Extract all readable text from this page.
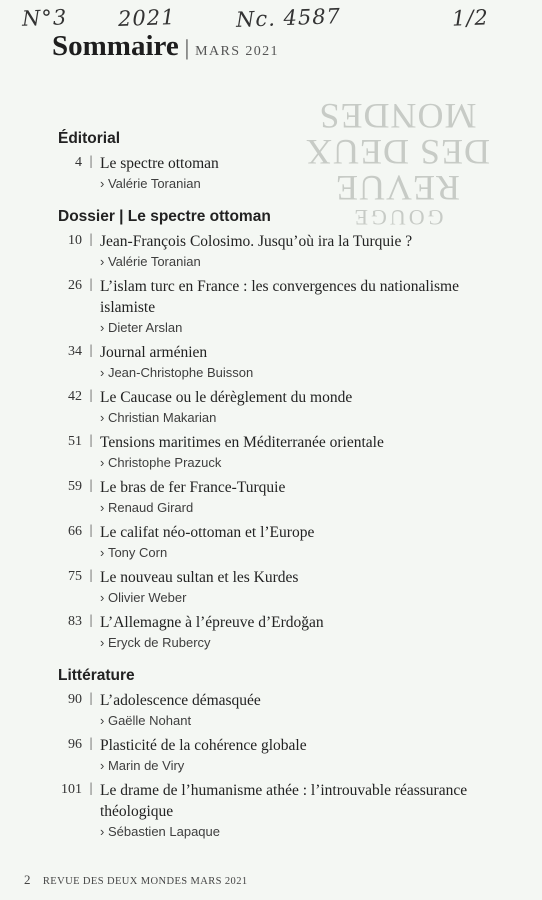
N°3 2021	Nc. 4587	1/2
GOUGE
REVUE
DES DEUX
MONDES
Sommaire | MARS 2021
Éditorial
4 | Le spectre ottoman
› Valérie Toranian
Dossier | Le spectre ottoman
10 | Jean-François Colosimo. Jusqu’où ira la Turquie ?
› Valérie Toranian
26 | L’islam turc en France : les convergences du nationalisme islamiste
› Dieter Arslan
34 | Journal arménien
› Jean-Christophe Buisson
42 | Le Caucase ou le dérèglement du monde
› Christian Makarian
51 | Tensions maritimes en Méditerranée orientale
› Christophe Prazuck
59 | Le bras de fer France-Turquie
› Renaud Girard
66 | Le califat néo-ottoman et l’Europe
› Tony Corn
75 | Le nouveau sultan et les Kurdes
› Olivier Weber
83 | L’Allemagne à l’épreuve d’Erdoğan
› Eryck de Rubercy
Littérature
90 | L’adolescence démasquée
› Gaëlle Nohant
96 | Plasticité de la cohérence globale
› Marin de Viry
101 | Le drame de l’humanisme athée : l’introuvable réassurance théologique
› Sébastien Lapaque
2 REVUE DES DEUX MONDES MARS 2021
